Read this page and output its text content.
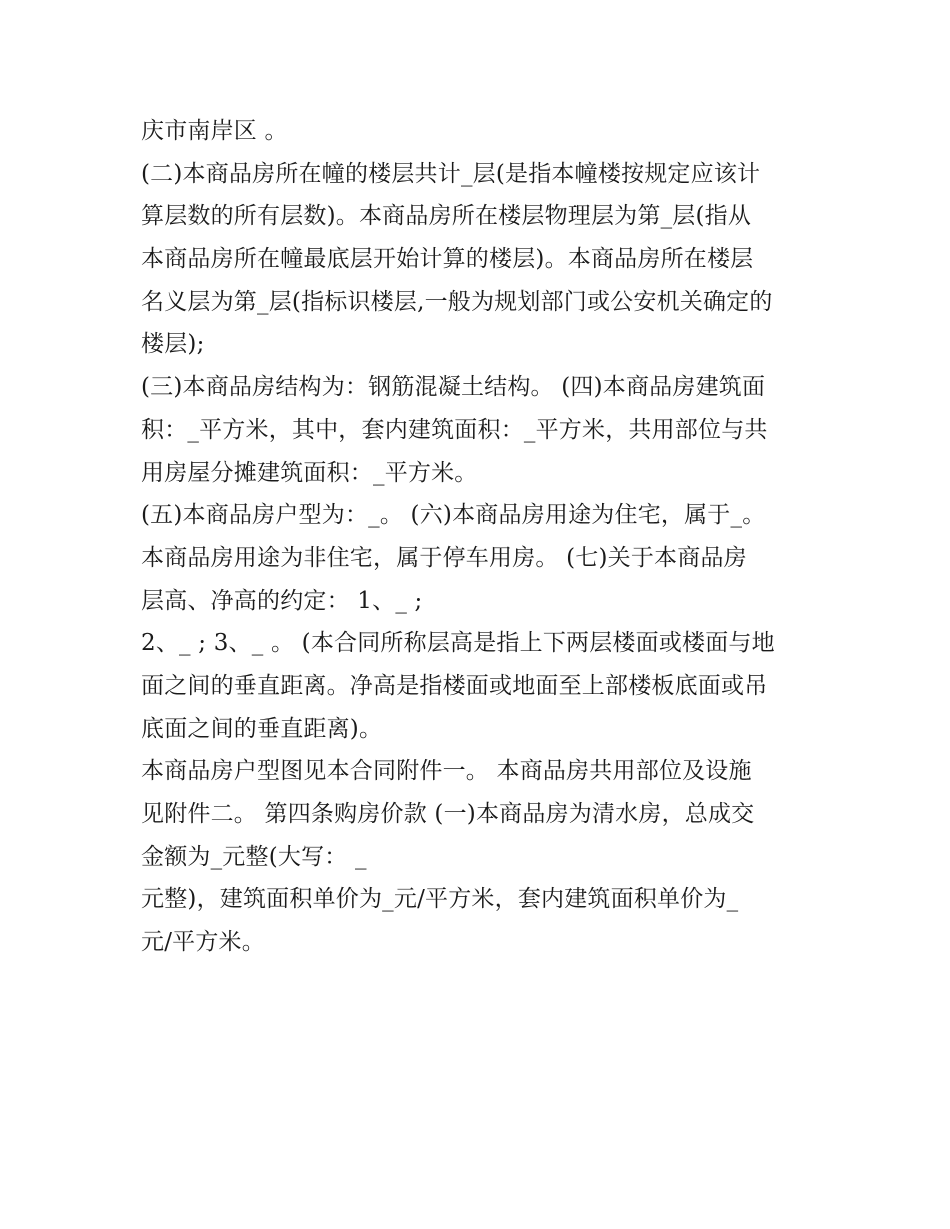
庆市南岸区 。
(二)本商品房所在幢的楼层共计_层(是指本幢楼按规定应该计
算层数的所有层数)。本商品房所在楼层物理层为第_层(指从
本商品房所在幢最底层开始计算的楼层)。本商品房所在楼层
名义层为第_层(指标识楼层,一般为规划部门或公安机关确定的
楼层);
(三)本商品房结构为：钢筋混凝土结构。 (四)本商品房建筑面
积：_平方米，其中，套内建筑面积：_平方米，共用部位与共
用房屋分摊建筑面积：_平方米。
(五)本商品房户型为：_。 (六)本商品房用途为住宅，属于_。
本商品房用途为非住宅，属于停车用房。 (七)关于本商品房
层高、净高的约定： 1、_ ;
2、_ ; 3、_ 。 (本合同所称层高是指上下两层楼面或楼面与地
面之间的垂直距离。净高是指楼面或地面至上部楼板底面或吊
底面之间的垂直距离)。
本商品房户型图见本合同附件一。 本商品房共用部位及设施
见附件二。 第四条购房价款 (一)本商品房为清水房，总成交
金额为_元整(大写： _
元整)，建筑面积单价为_元/平方米，套内建筑面积单价为_
元/平方米。
